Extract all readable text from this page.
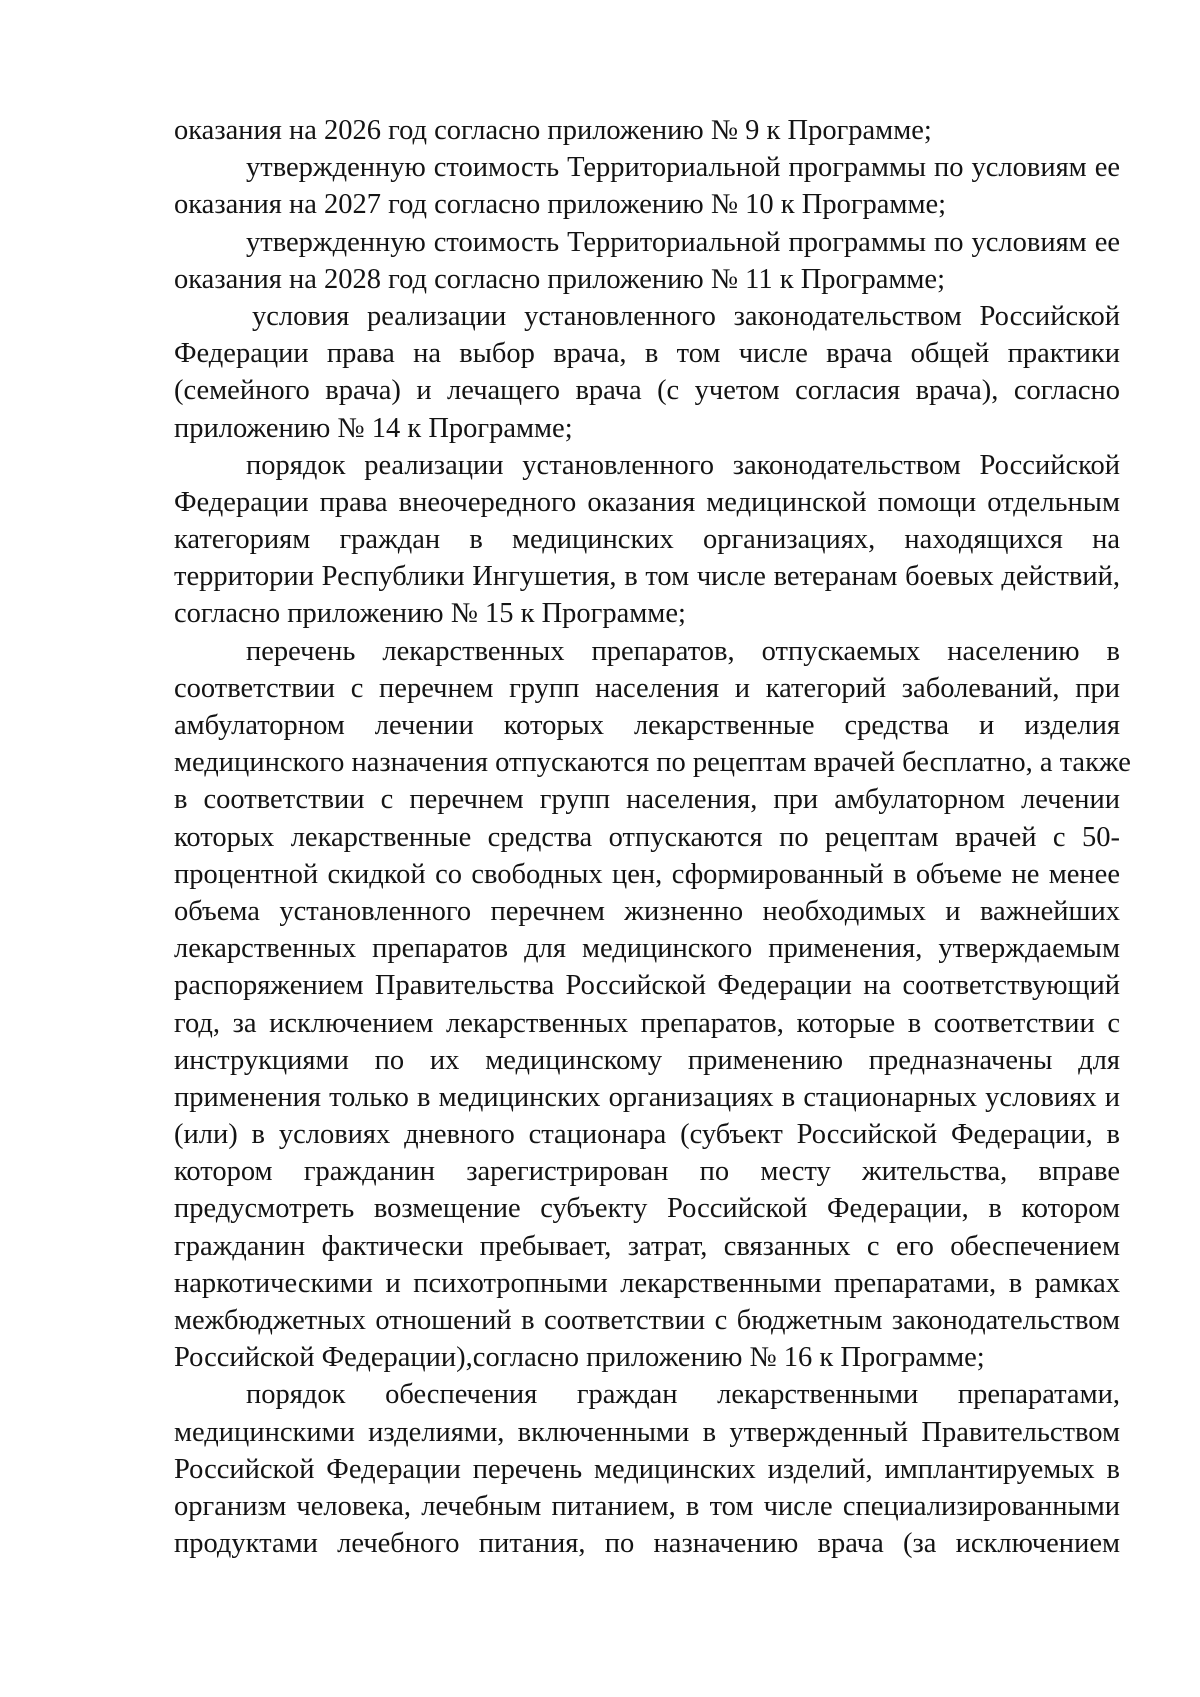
оказания на 2026 год согласно приложению № 9 к Программе;
утвержденную стоимость Территориальной программы по условиям ее
оказания на 2027 год согласно приложению № 10 к Программе;
утвержденную стоимость Территориальной программы по условиям ее
оказания на 2028 год согласно приложению № 11 к Программе;
условия реализации установленного законодательством Российской
Федерации права на выбор врача, в том числе врача общей практики
(семейного врача) и лечащего врача (с учетом согласия врача), согласно
приложению № 14 к Программе;
порядок реализации установленного законодательством Российской
Федерации права внеочередного оказания медицинской помощи отдельным
категориям граждан в медицинских организациях, находящихся на
территории Республики Ингушетия, в том числе ветеранам боевых действий,
согласно приложению № 15 к Программе;
перечень лекарственных препаратов, отпускаемых населению в
соответствии с перечнем групп населения и категорий заболеваний, при
амбулаторном лечении которых лекарственные средства и изделия
медицинского назначения отпускаются по рецептам врачей бесплатно, а также
в соответствии с перечнем групп населения, при амбулаторном лечении
которых лекарственные средства отпускаются по рецептам врачей с 50-
процентной скидкой со свободных цен, сформированный в объеме не менее
объема установленного перечнем жизненно необходимых и важнейших
лекарственных препаратов для медицинского применения, утверждаемым
распоряжением Правительства Российской Федерации на соответствующий
год, за исключением лекарственных препаратов, которые в соответствии с
инструкциями по их медицинскому применению предназначены для
применения только в медицинских организациях в стационарных условиях и
(или) в условиях дневного стационара (субъект Российской Федерации, в
котором гражданин зарегистрирован по месту жительства, вправе
предусмотреть возмещение субъекту Российской Федерации, в котором
гражданин фактически пребывает, затрат, связанных с его обеспечением
наркотическими и психотропными лекарственными препаратами, в рамках
межбюджетных отношений в соответствии с бюджетным законодательством
Российской Федерации),согласно приложению № 16 к Программе;
порядок обеспечения граждан лекарственными препаратами,
медицинскими изделиями, включенными в утвержденный Правительством
Российской Федерации перечень медицинских изделий, имплантируемых в
организм человека, лечебным питанием, в том числе специализированными
продуктами лечебного питания, по назначению врача (за исключением
